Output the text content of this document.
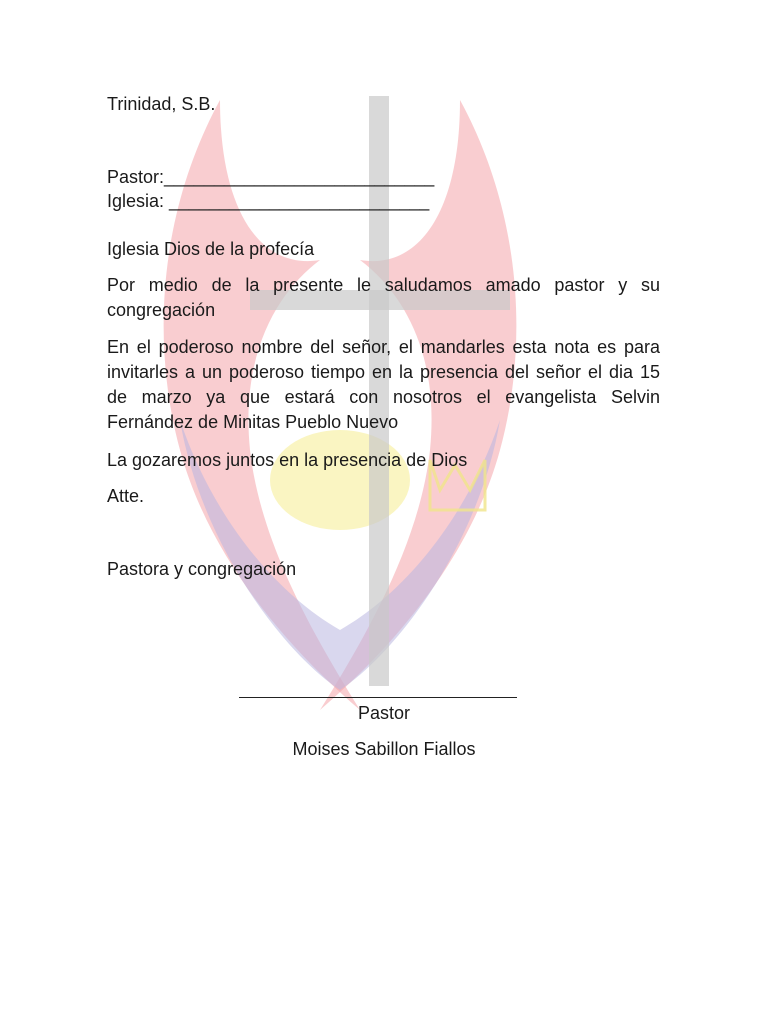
Trinidad, S.B.
Pastor:___________________________
Iglesia: __________________________
Iglesia Dios de la profecía
Por medio de la presente le saludamos amado pastor y su congregación
En el poderoso nombre del señor, el mandarles esta nota es para invitarles a un poderoso tiempo en la presencia del señor el dia 15 de marzo ya que estará con nosotros el evangelista Selvin Fernández de Minitas Pueblo Nuevo
La gozaremos juntos en la presencia de Dios
Atte.
Pastora y congregación
Pastor
Moises Sabillon Fiallos
